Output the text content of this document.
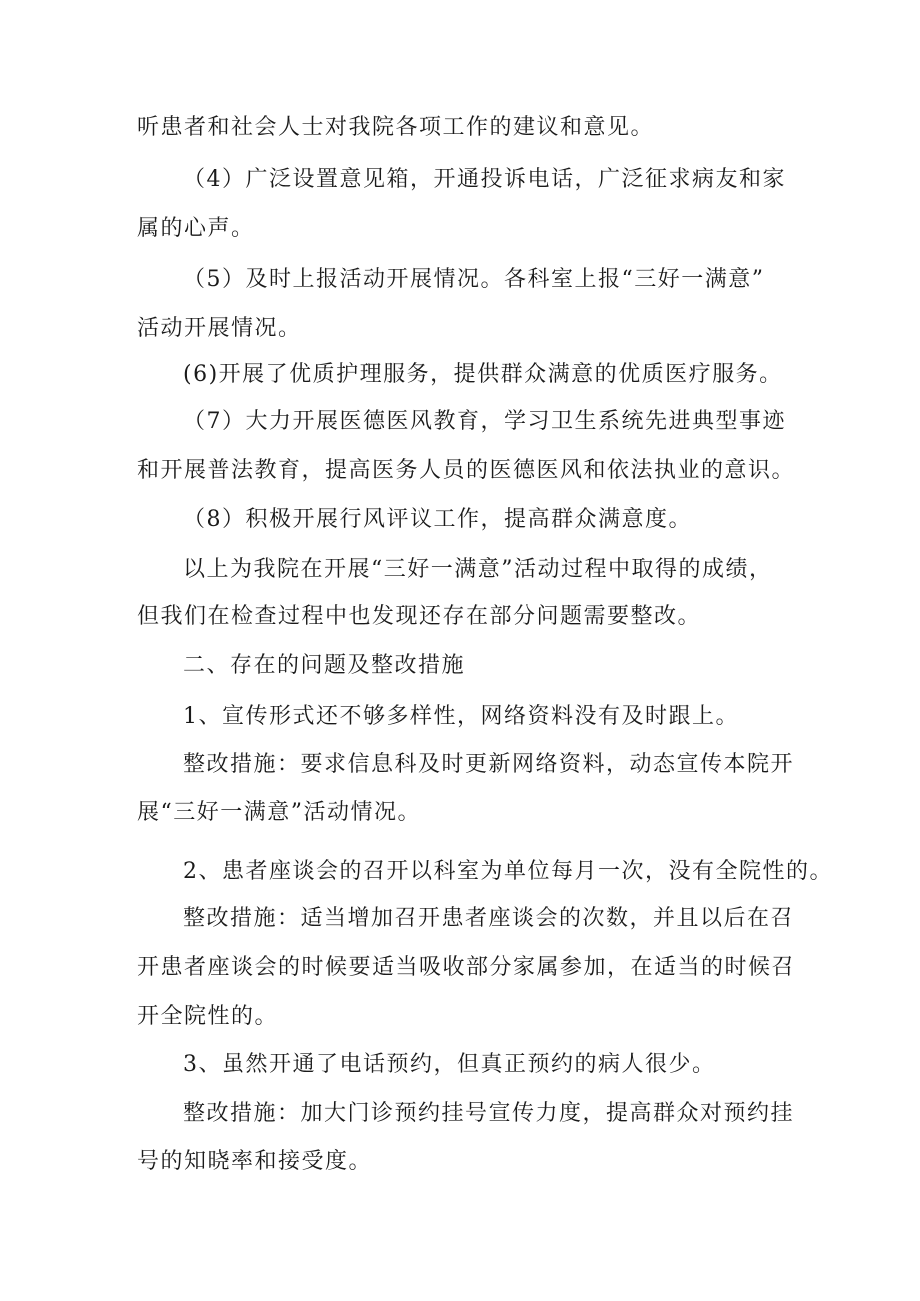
听患者和社会人士对我院各项工作的建议和意见。
（4）广泛设置意见箱，开通投诉电话，广泛征求病友和家
属的心声。
（5）及时上报活动开展情况。各科室上报“三好一满意”
活动开展情况。
(6)开展了优质护理服务，提供群众满意的优质医疗服务。
（7）大力开展医德医风教育，学习卫生系统先进典型事迹
和开展普法教育，提高医务人员的医德医风和依法执业的意识。
（8）积极开展行风评议工作，提高群众满意度。
以上为我院在开展“三好一满意”活动过程中取得的成绩，
但我们在检查过程中也发现还存在部分问题需要整改。
二、存在的问题及整改措施
1、宣传形式还不够多样性，网络资料没有及时跟上。
整改措施：要求信息科及时更新网络资料，动态宣传本院开
展“三好一满意”活动情况。
2、患者座谈会的召开以科室为单位每月一次，没有全院性的。
整改措施：适当增加召开患者座谈会的次数，并且以后在召
开患者座谈会的时候要适当吸收部分家属参加，在适当的时候召
开全院性的。
3、虽然开通了电话预约，但真正预约的病人很少。
整改措施：加大门诊预约挂号宣传力度，提高群众对预约挂
号的知晓率和接受度。
